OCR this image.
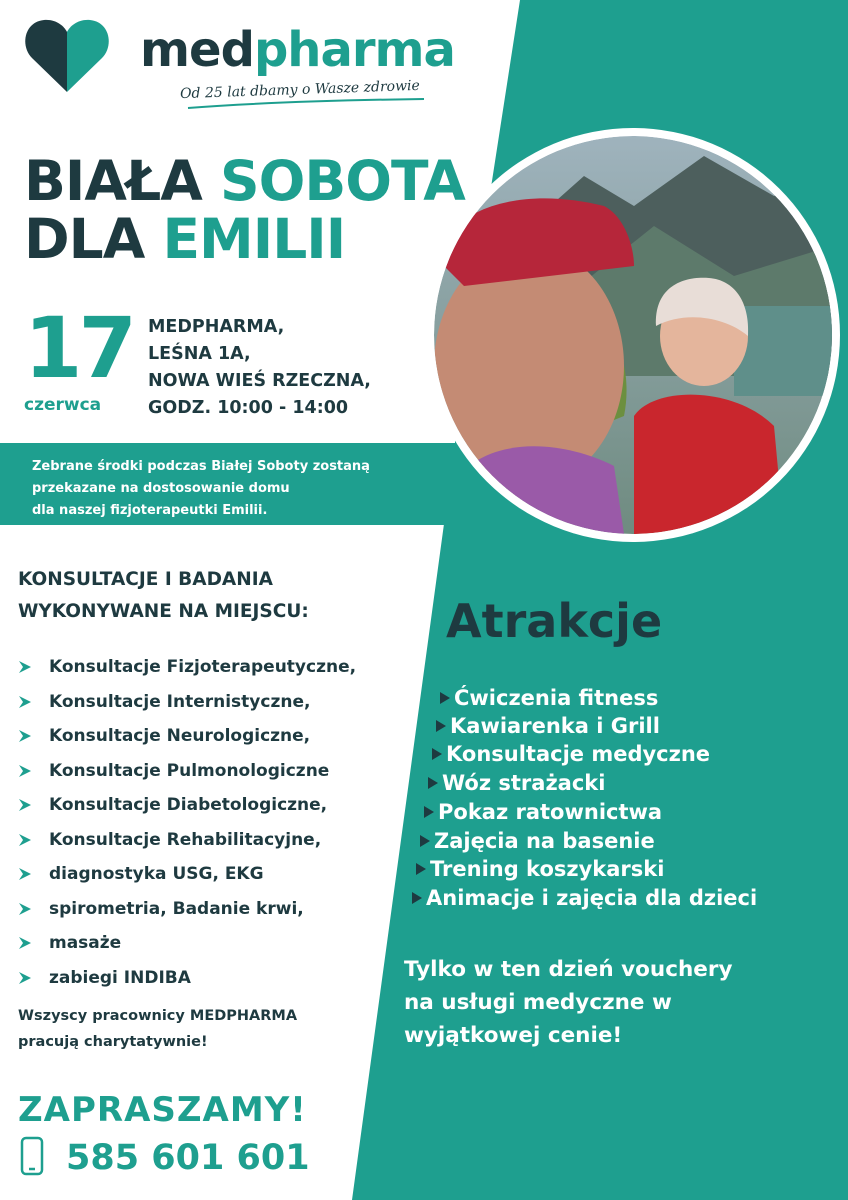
medpharma
Od 25 lat dbamy o Wasze zdrowie
BIAŁA SOBOTA
DLA EMILII
17
czerwca
MEDPHARMA,
LEŚNA 1A,
NOWA WIEŚ RZECZNA,
GODZ. 10:00 - 14:00
Zebrane środki podczas Białej Soboty zostaną
przekazane na dostosowanie domu
dla naszej fizjoterapeutki Emilii.
KONSULTACJE I BADANIA
WYKONYWANE NA MIEJSCU:
Konsultacje Fizjoterapeutyczne,
Konsultacje Internistyczne,
Konsultacje Neurologiczne,
Konsultacje Pulmonologiczne
Konsultacje Diabetologiczne,
Konsultacje Rehabilitacyjne,
diagnostyka USG, EKG
spirometria, Badanie krwi,
masaże
zabiegi INDIBA
Wszyscy pracownicy MEDPHARMA
pracują charytatywnie!
ZAPRASZAMY!
585 601 601
Atrakcje
Ćwiczenia fitness
Kawiarenka i Grill
Konsultacje medyczne
Wóz strażacki
Pokaz ratownictwa
Zajęcia na basenie
Trening koszykarski
Animacje i zajęcia dla dzieci
Tylko w ten dzień vouchery
na usługi medyczne w
wyjątkowej cenie!
